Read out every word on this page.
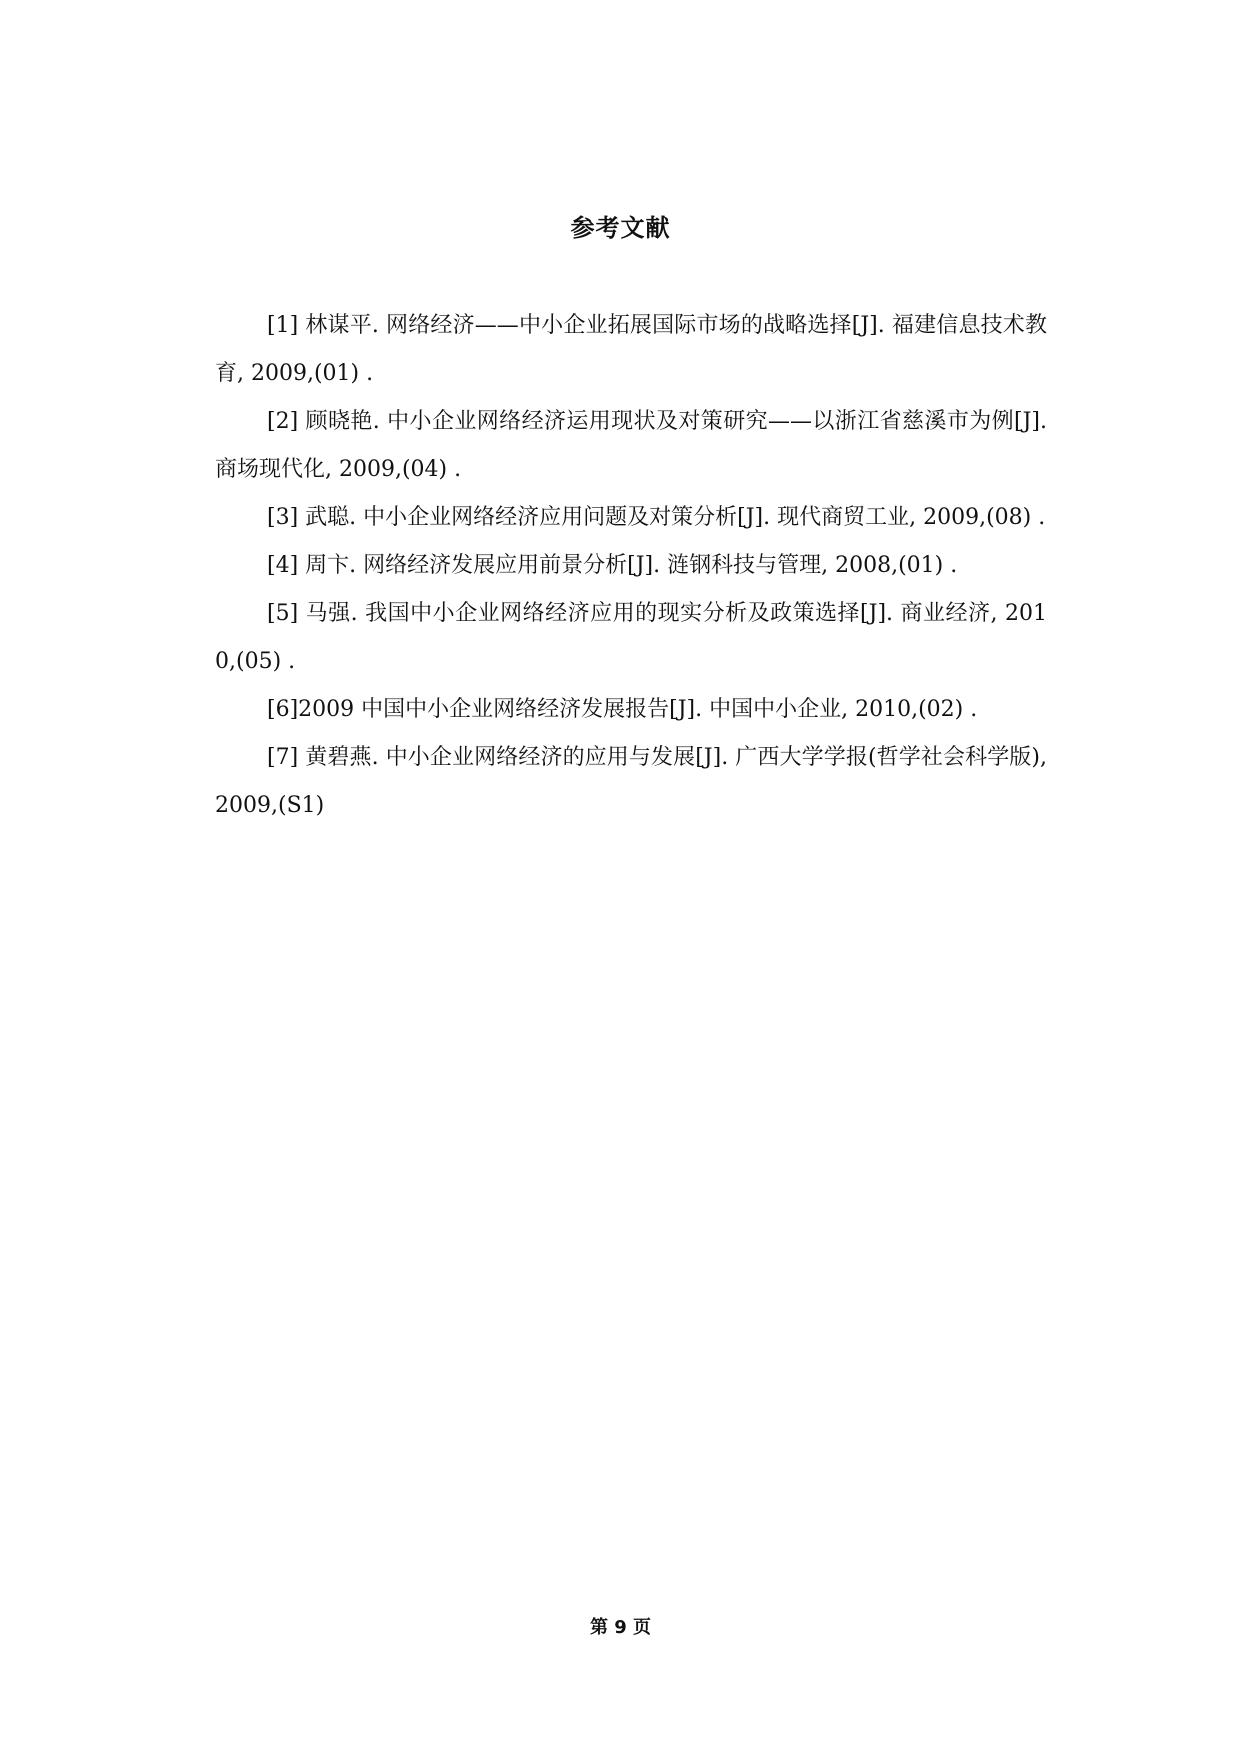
参考文献

[1] 林谋平. 网络经济——中小企业拓展国际市场的战略选择[J]. 福建信息技术教育, 2009,(01) .

[2] 顾晓艳. 中小企业网络经济运用现状及对策研究——以浙江省慈溪市为例[J]. 商场现代化, 2009,(04) .

[3] 武聪. 中小企业网络经济应用问题及对策分析[J]. 现代商贸工业, 2009,(08) .

[4] 周卞. 网络经济发展应用前景分析[J]. 涟钢科技与管理, 2008,(01) .

[5] 马强. 我国中小企业网络经济应用的现实分析及政策选择[J]. 商业经济, 2010,(05) .

[6]2009 中国中小企业网络经济发展报告[J]. 中国中小企业, 2010,(02) .

[7] 黄碧燕. 中小企业网络经济的应用与发展[J]. 广西大学学报(哲学社会科学版), 2009,(S1)

第 9 页
